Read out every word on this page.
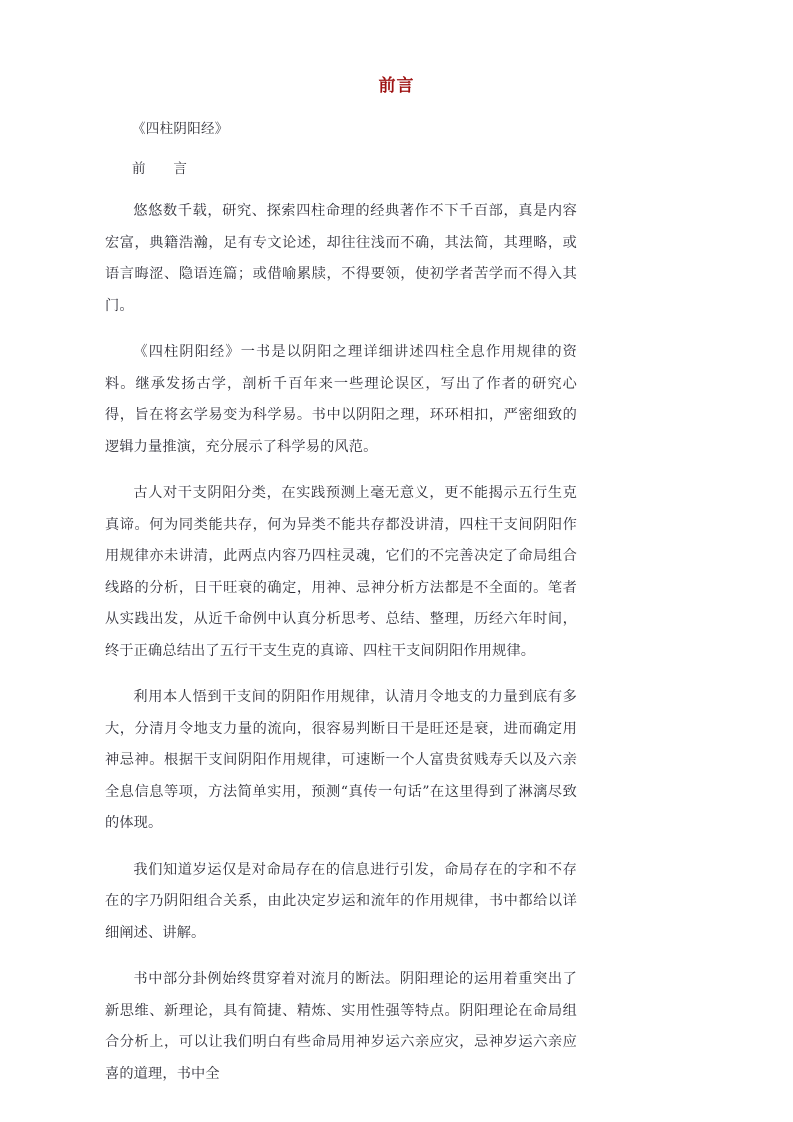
前言
《四柱阴阳经》
前　　言

悠悠数千载，研究、探索四柱命理的经典著作不下千百部，真是内容宏富，典籍浩瀚，足有专文论述，却往往浅而不确，其法简，其理略，或语言晦涩、隐语连篇；或借喻累牍，不得要领，使初学者苦学而不得入其门。

《四柱阴阳经》一书是以阴阳之理详细讲述四柱全息作用规律的资料。继承发扬古学，剖析千百年来一些理论误区，写出了作者的研究心得，旨在将玄学易变为科学易。书中以阴阳之理，环环相扣，严密细致的逻辑力量推演，充分展示了科学易的风范。

古人对干支阴阳分类，在实践预测上毫无意义，更不能揭示五行生克真谛。何为同类能共存，何为异类不能共存都没讲清，四柱干支间阴阳作用规律亦未讲清，此两点内容乃四柱灵魂，它们的不完善决定了命局组合线路的分析，日干旺衰的确定，用神、忌神分析方法都是不全面的。笔者从实践出发，从近千命例中认真分析思考、总结、整理，历经六年时间，终于正确总结出了五行干支生克的真谛、四柱干支间阴阳作用规律。

利用本人悟到干支间的阴阳作用规律，认清月令地支的力量到底有多大，分清月令地支力量的流向，很容易判断日干是旺还是衰，进而确定用神忌神。根据干支间阴阳作用规律，可速断一个人富贵贫贱寿夭以及六亲全息信息等项，方法简单实用，预测“真传一句话”在这里得到了淋漓尽致的体现。

我们知道岁运仅是对命局存在的信息进行引发，命局存在的字和不存在的字乃阴阳组合关系，由此决定岁运和流年的作用规律，书中都给以详细阐述、讲解。

书中部分卦例始终贯穿着对流月的断法。阴阳理论的运用着重突出了新思维、新理论，具有简捷、精炼、实用性强等特点。阴阳理论在命局组合分析上，可以让我们明白有些命局用神岁运六亲应灾，忌神岁运六亲应喜的道理，书中全
